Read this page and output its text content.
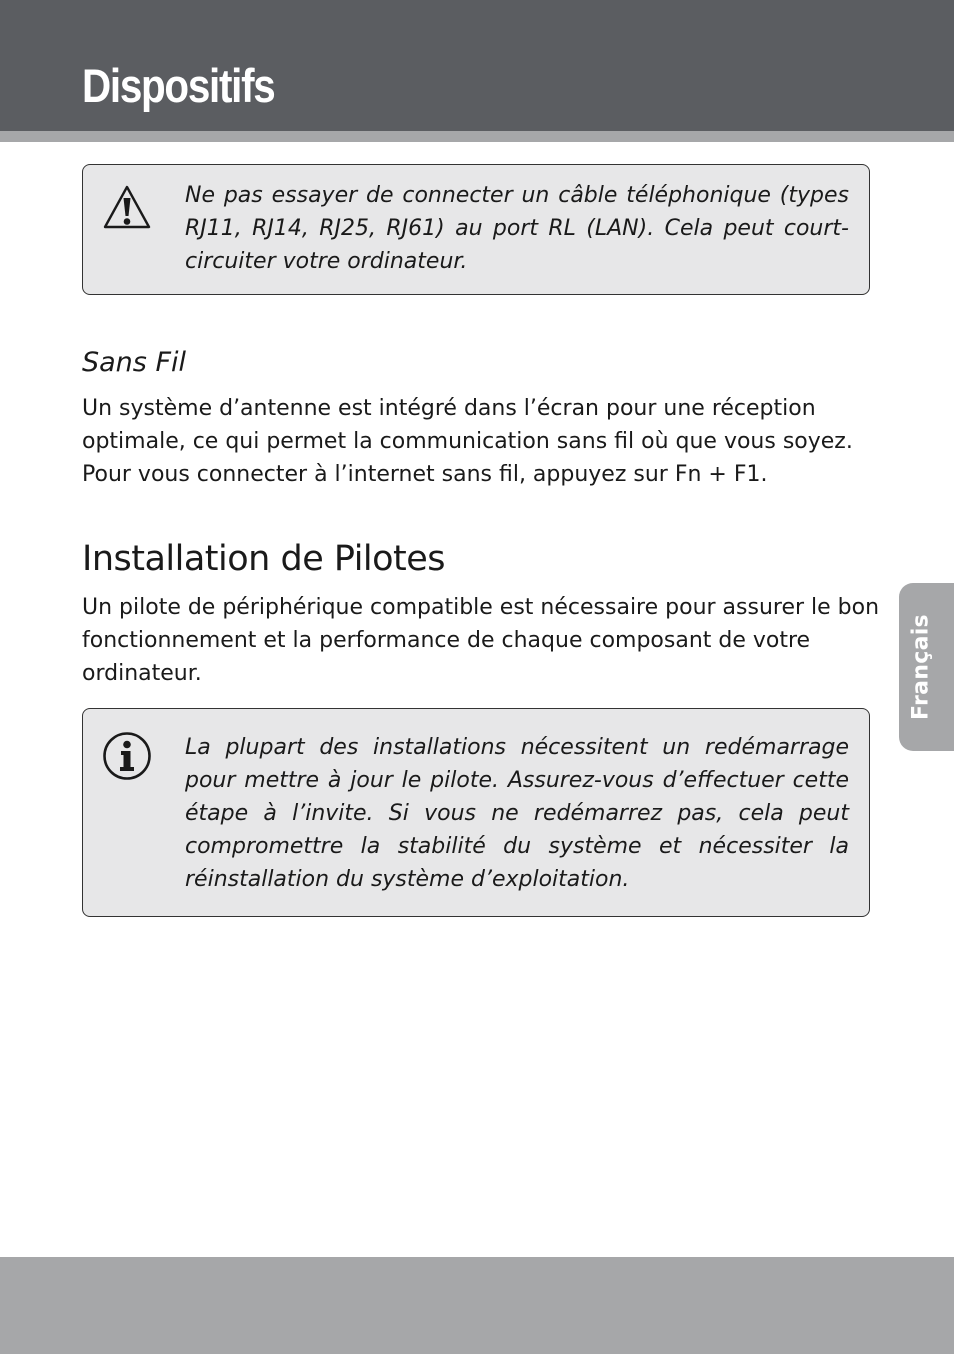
Dispositifs

Ne pas essayer de connecter un câble téléphonique (types RJ11, RJ14, RJ25, RJ61) au port RL (LAN). Cela peut court-circuiter votre ordinateur.

Sans Fil

Un système d’antenne est intégré dans l’écran pour une réception optimale, ce qui permet la communication sans fil où que vous soyez. Pour vous connecter à l’internet sans fil, appuyez sur Fn + F1.

Installation de Pilotes

Un pilote de périphérique compatible est nécessaire pour assurer le bon fonctionnement et la performance de chaque composant de votre ordinateur.

La plupart des installations nécessitent un redémarrage pour mettre à jour le pilote. Assurez-vous d’effectuer cette étape à l’invite. Si vous ne redémarrez pas, cela peut compromettre la stabilité du système et nécessiter la réinstallation du système d’exploitation.

Français
